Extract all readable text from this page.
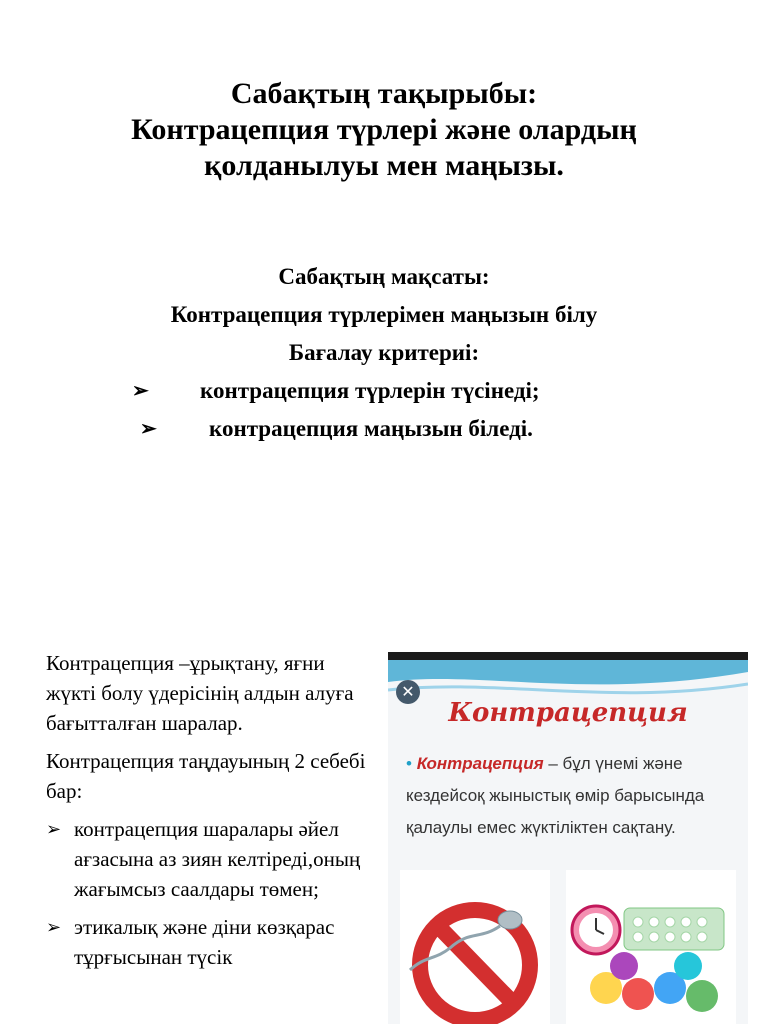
Сабақтың тақырыбы:
Контрацепция түрлері және олардың
қолданылуы мен маңызы.
Сабақтың мақсаты:
Контрацепция түрлерімен маңызын білу
Бағалау критериі:
➢ контрацепция түрлерін түсінеді;
➢ контрацепция маңызын біледі.

Контрацепция –ұрықтану, яғни жүкті болу үдерісінің алдын алуға бағытталған шаралар.

Контрацепция таңдауының 2 себебі бар:

➢ контрацепция шаралары әйел ағзасына аз зиян келтіреді,оның жағымсыз саалдары төмен;
➢ этикалық және діни көзқарас тұрғысынан түсік
✕
Контрацепция
• Контрацепция – бұл үнемі және кездейсоқ жыныстық өмір барысында қалаулы емес жүктіліктен сақтану.
